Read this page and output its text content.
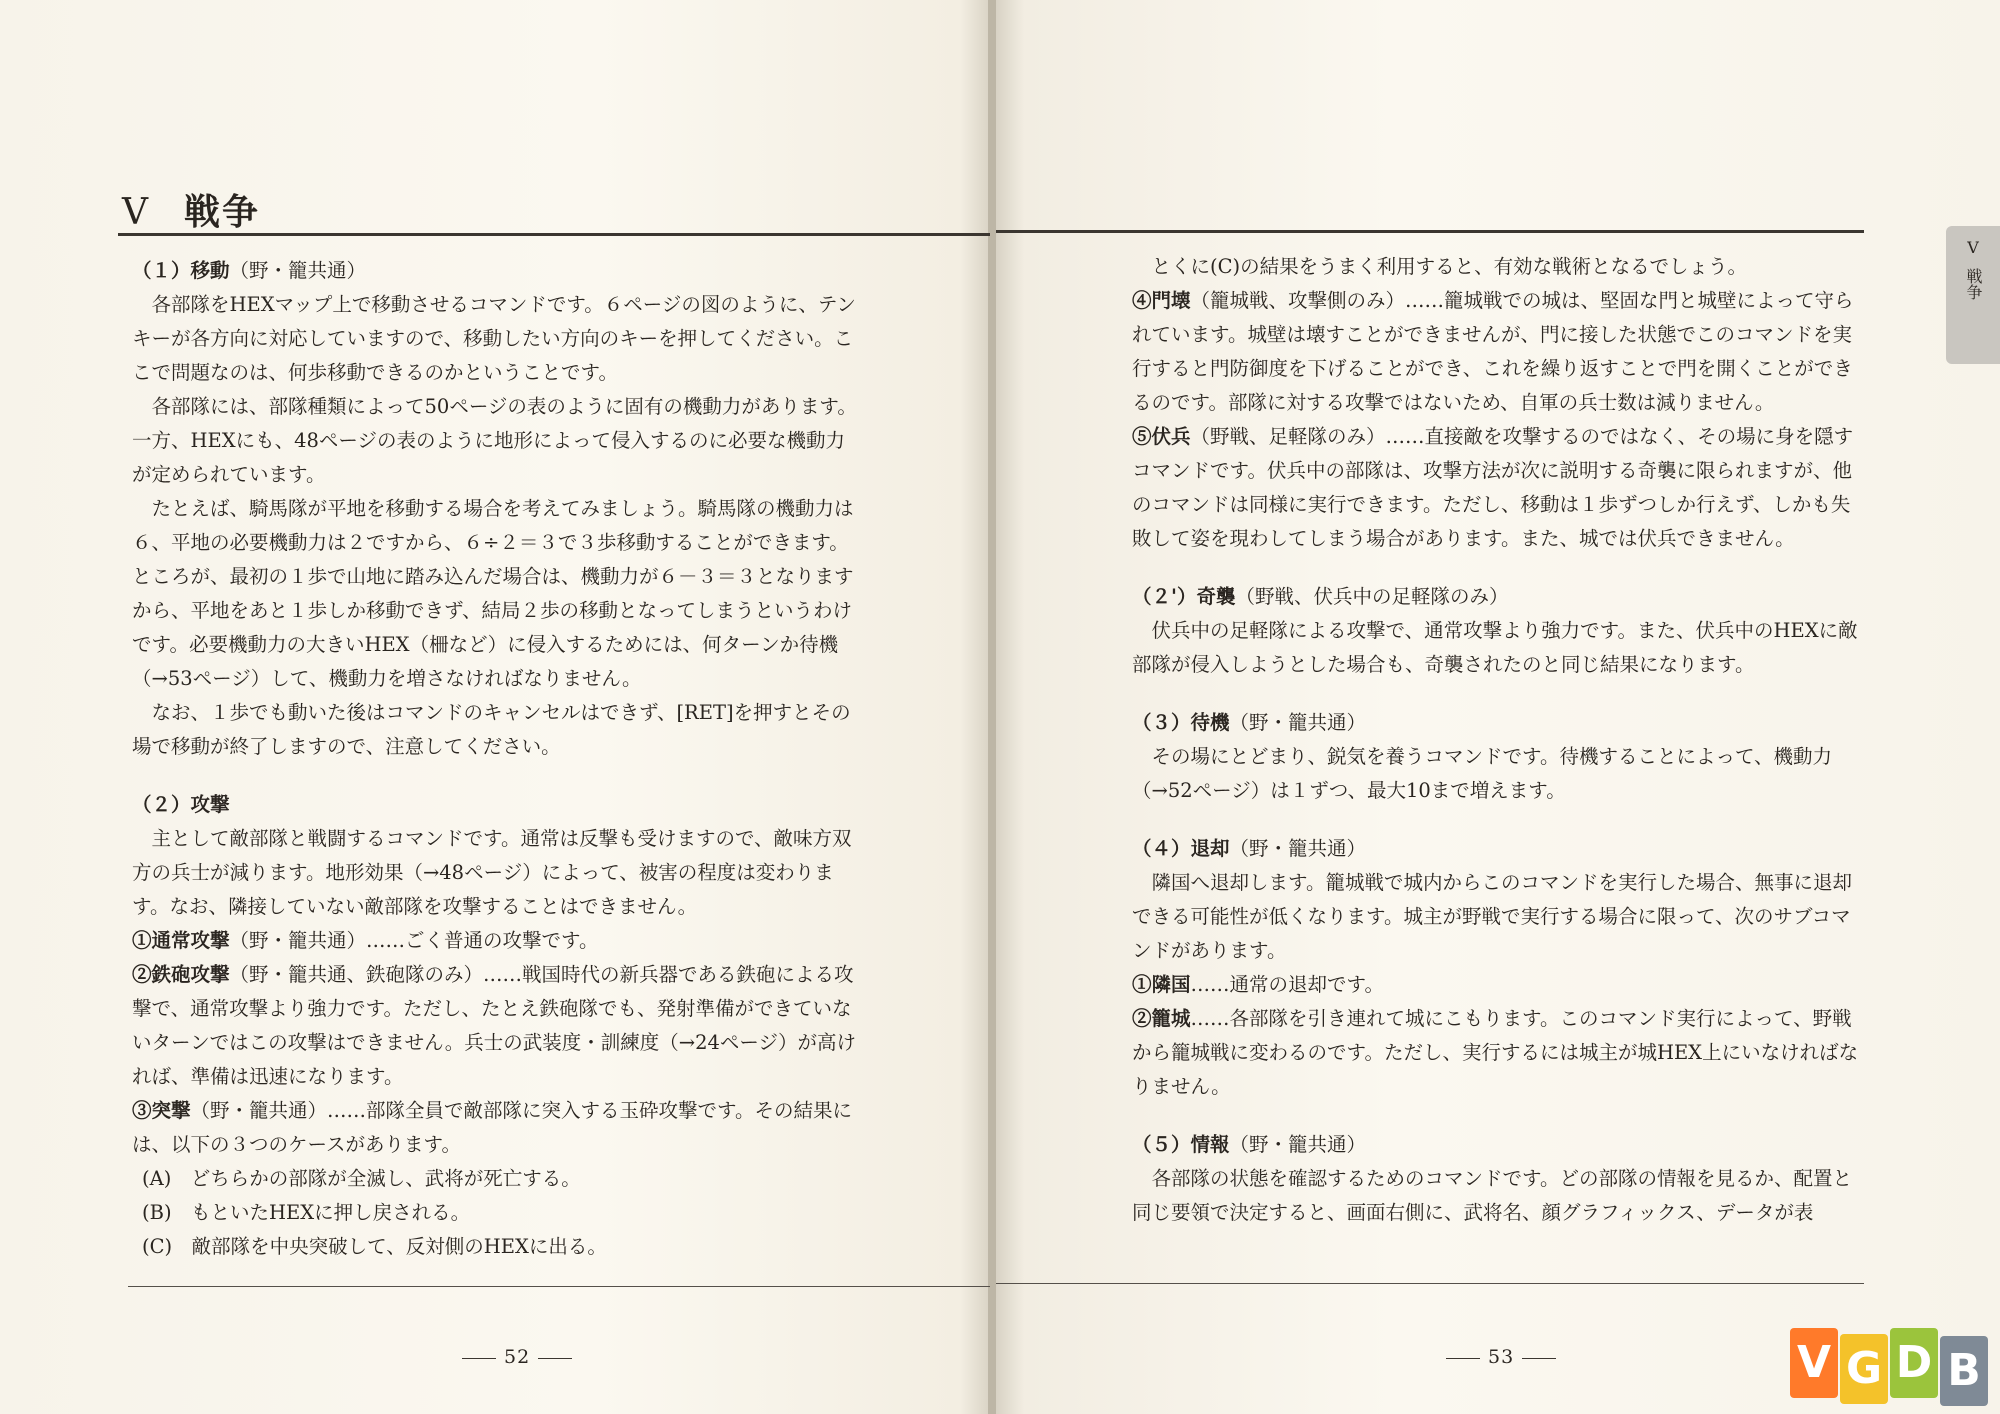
V 戦争

（１）移動（野・籠共通）

各部隊をHEXマップ上で移動させるコマンドです。６ページの図のように、テンキーが各方向に対応していますので、移動したい方向のキーを押してください。ここで問題なのは、何歩移動できるのかということです。

各部隊には、部隊種類によって50ページの表のように固有の機動力があります。一方、HEXにも、48ページの表のように地形によって侵入するのに必要な機動力が定められています。

たとえば、騎馬隊が平地を移動する場合を考えてみましょう。騎馬隊の機動力は６、平地の必要機動力は２ですから、６÷２＝３で３歩移動することができます。ところが、最初の１歩で山地に踏み込んだ場合は、機動力が６－３＝３となりますから、平地をあと１歩しか移動できず、結局２歩の移動となってしまうというわけです。必要機動力の大きいHEX（柵など）に侵入するためには、何ターンか待機（→53ページ）して、機動力を増さなければなりません。

なお、１歩でも動いた後はコマンドのキャンセルはできず、[RET]を押すとその場で移動が終了しますので、注意してください。

（２）攻撃

主として敵部隊と戦闘するコマンドです。通常は反撃も受けますので、敵味方双方の兵士が減ります。地形効果（→48ページ）によって、被害の程度は変わります。なお、隣接していない敵部隊を攻撃することはできません。

①通常攻撃（野・籠共通）……ごく普通の攻撃です。

②鉄砲攻撃（野・籠共通、鉄砲隊のみ）……戦国時代の新兵器である鉄砲による攻撃で、通常攻撃より強力です。ただし、たとえ鉄砲隊でも、発射準備ができていないターンではこの攻撃はできません。兵士の武装度・訓練度（→24ページ）が高ければ、準備は迅速になります。

③突撃（野・籠共通）……部隊全員で敵部隊に突入する玉砕攻撃です。その結果には、以下の３つのケースがあります。

(A)　どちらかの部隊が全滅し、武将が死亡する。

(B)　もといたHEXに押し戻される。

(C)　敵部隊を中央突破して、反対側のHEXに出る。

とくに(C)の結果をうまく利用すると、有効な戦術となるでしょう。

④門壊（籠城戦、攻撃側のみ）……籠城戦での城は、堅固な門と城壁によって守られています。城壁は壊すことができませんが、門に接した状態でこのコマンドを実行すると門防御度を下げることができ、これを繰り返すことで門を開くことができるのです。部隊に対する攻撃ではないため、自軍の兵士数は減りません。

⑤伏兵（野戦、足軽隊のみ）……直接敵を攻撃するのではなく、その場に身を隠すコマンドです。伏兵中の部隊は、攻撃方法が次に説明する奇襲に限られますが、他のコマンドは同様に実行できます。ただし、移動は１歩ずつしか行えず、しかも失敗して姿を現わしてしまう場合があります。また、城では伏兵できません。

（２'）奇襲（野戦、伏兵中の足軽隊のみ）

伏兵中の足軽隊による攻撃で、通常攻撃より強力です。また、伏兵中のHEXに敵部隊が侵入しようとした場合も、奇襲されたのと同じ結果になります。

（３）待機（野・籠共通）

その場にとどまり、鋭気を養うコマンドです。待機することによって、機動力（→52ページ）は１ずつ、最大10まで増えます。

（４）退却（野・籠共通）

隣国へ退却します。籠城戦で城内からこのコマンドを実行した場合、無事に退却できる可能性が低くなります。城主が野戦で実行する場合に限って、次のサブコマンドがあります。

①隣国……通常の退却です。

②籠城……各部隊を引き連れて城にこもります。このコマンド実行によって、野戦から籠城戦に変わるのです。ただし、実行するには城主が城HEX上にいなければなりません。

（５）情報（野・籠共通）

各部隊の状態を確認するためのコマンドです。どの部隊の情報を見るか、配置と同じ要領で決定すると、画面右側に、武将名、顔グラフィックス、データが表

52	53
V
戦争
V G D B
